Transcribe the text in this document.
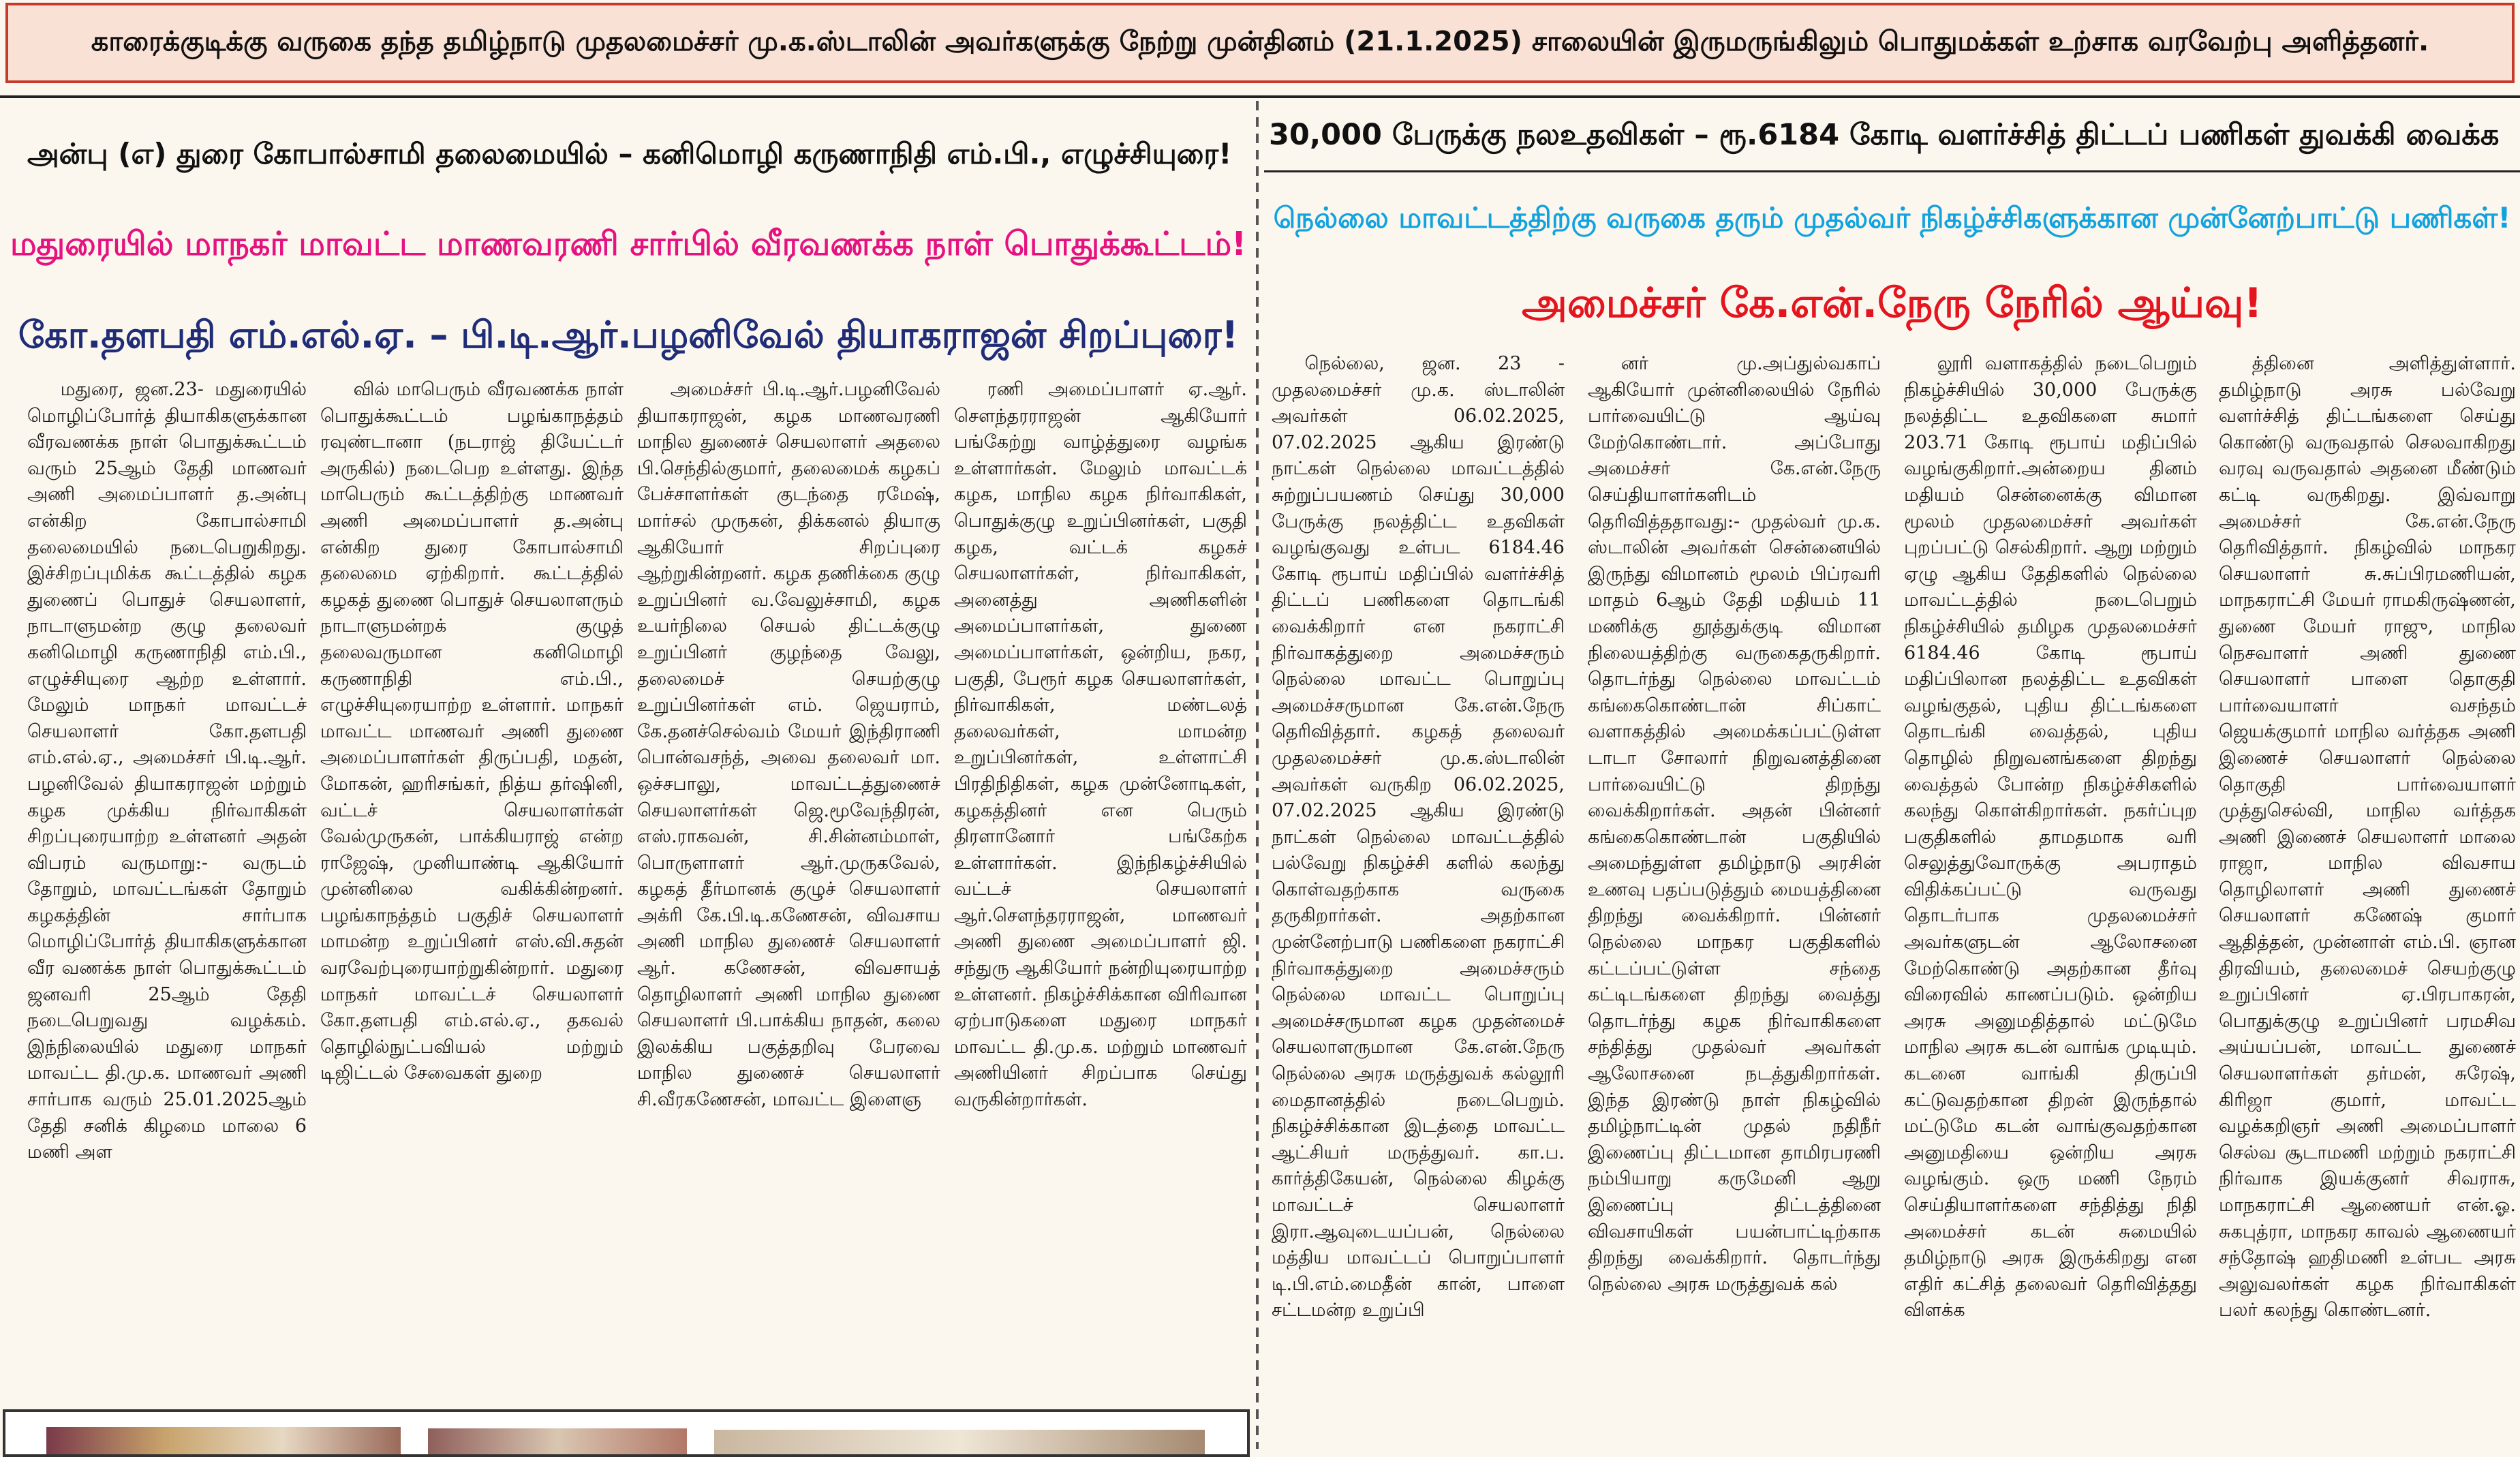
காரைக்குடிக்கு வருகை தந்த தமிழ்நாடு முதலமைச்சர் மு.க.ஸ்டாலின் அவர்களுக்கு நேற்று முன்தினம் (21.1.2025) சாலையின் இருமருங்கிலும் பொதுமக்கள் உற்சாக வரவேற்பு அளித்தனர்.
அன்பு (எ) துரை கோபால்சாமி தலைமையில் – கனிமொழி கருணாநிதி எம்.பி., எழுச்சியுரை!
மதுரையில் மாநகர் மாவட்ட மாணவரணி சார்பில் வீரவணக்க நாள் பொதுக்கூட்டம்!
கோ.தளபதி எம்.எல்.ஏ. – பி.டி.ஆர்.பழனிவேல் தியாகராஜன் சிறப்புரை!

மதுரை, ஜன.23- மதுரையில் மொழிப்போர்த் தியாகிகளுக்கான வீரவணக்க நாள் பொதுக்கூட்டம் வரும் 25ஆம் தேதி மாணவர் அணி அமைப்பாளர் த.அன்பு என்கிற கோபால்சாமி தலைமையில் நடைபெறுகிறது. இச்சிறப்புமிக்க கூட்டத்தில் கழக துணைப் பொதுச் செயலாளர், நாடாளுமன்ற குழு தலைவர் கனிமொழி கருணாநிதி எம்.பி., எழுச்சியுரை ஆற்ற உள்ளார். மேலும் மாநகர் மாவட்டச் செயலாளர் கோ.தளபதி எம்.எல்.ஏ., அமைச்சர் பி.டி.ஆர். பழனிவேல் தியாகராஜன் மற்றும் கழக முக்கிய நிர்வாகிகள் சிறப்புரையாற்ற உள்ளனர் அதன் விபரம் வருமாறு:- வருடம் தோறும், மாவட்டங்கள் தோறும் கழகத்தின் சார்பாக மொழிப்போர்த் தியாகிகளுக்கான வீர வணக்க நாள் பொதுக்கூட்டம் ஜனவரி 25ஆம் தேதி நடைபெறுவது வழக்கம். இந்நிலையில் மதுரை மாநகர் மாவட்ட தி.மு.க. மாணவர் அணி சார்பாக வரும் 25.01.2025ஆம் தேதி சனிக் கிழமை மாலை 6 மணி அள

வில் மாபெரும் வீரவணக்க நாள் பொதுக்கூட்டம் பழங்காநத்தம் ரவுண்டானா (நடராஜ் தியேட்டர் அருகில்) நடைபெற உள்ளது. இந்த மாபெரும் கூட்டத்திற்கு மாணவர் அணி அமைப்பாளர் த.அன்பு என்கிற துரை கோபால்சாமி தலைமை ஏற்கிறார். கூட்டத்தில் கழகத் துணை பொதுச் செயலாளரும் நாடாளுமன்றக் குழுத் தலைவருமான கனிமொழி கருணாநிதி எம்.பி., எழுச்சியுரையாற்ற உள்ளார். மாநகர் மாவட்ட மாணவர் அணி துணை அமைப்பாளர்கள் திருப்பதி, மதன், மோகன், ஹரிசங்கர், நித்ய தர்ஷினி, வட்டச் செயலாளர்கள் வேல்முருகன், பாக்கியராஜ் என்ற ராஜேஷ், முனியாண்டி ஆகியோர் முன்னிலை வகிக்கின்றனர். பழங்காநத்தம் பகுதிச் செயலாளர் மாமன்ற உறுப்பினர் எஸ்.வி.சுதன் வரவேற்புரையாற்றுகின்றார். மதுரை மாநகர் மாவட்டச் செயலாளர் கோ.தளபதி எம்.எல்.ஏ., தகவல் தொழில்நுட்பவியல் மற்றும் டிஜிட்டல் சேவைகள் துறை

அமைச்சர் பி.டி.ஆர்.பழனிவேல் தியாகராஜன், கழக மாணவரணி மாநில துணைச் செயலாளர் அதலை பி.செந்தில்குமார், தலைமைக் கழகப் பேச்சாளர்கள் குடந்தை ரமேஷ், மார்சல் முருகன், திக்கனல் தியாகு ஆகியோர் சிறப்புரை ஆற்றுகின்றனர். கழக தணிக்கை குழு உறுப்பினர் வ.வேலுச்சாமி, கழக உயர்நிலை செயல் திட்டக்குழு உறுப்பினர் குழந்தை வேலு, தலைமைச் செயற்குழு உறுப்பினர்கள் எம். ஜெயராம், கே.தனச்செல்வம் மேயர் இந்திராணி பொன்வசந்த், அவை தலைவர் மா. ஒச்சபாலு, மாவட்டத்துணைச் செயலாளர்கள் ஜெ.மூவேந்திரன், எஸ்.ராகவன், சி.சின்னம்மாள், பொருளாளர் ஆர்.முருகவேல், கழகத் தீர்மானக் குழுச் செயலாளர் அக்ரி கே.பி.டி.கணேசன், விவசாய அணி மாநில துணைச் செயலாளர் ஆர். கணேசன், விவசாயத் தொழிலாளர் அணி மாநில துணை செயலாளர் பி.பாக்கிய நாதன், கலை இலக்கிய பகுத்தறிவு பேரவை மாநில துணைச் செயலாளர் சி.வீரகணேசன், மாவட்ட இளைஞ

ரணி அமைப்பாளர் ஏ.ஆர். சௌந்தரராஜன் ஆகியோர் பங்கேற்று வாழ்த்துரை வழங்க உள்ளார்கள். மேலும் மாவட்டக் கழக, மாநில கழக நிர்வாகிகள், பொதுக்குழு உறுப்பினர்கள், பகுதி கழக, வட்டக் கழகச் செயலாளர்கள், நிர்வாகிகள், அனைத்து அணிகளின் அமைப்பாளர்கள், துணை அமைப்பாளர்கள், ஒன்றிய, நகர, பகுதி, பேரூர் கழக செயலாளர்கள், நிர்வாகிகள், மண்டலத் தலைவர்கள், மாமன்ற உறுப்பினர்கள், உள்ளாட்சி பிரதிநிதிகள், கழக முன்னோடிகள், கழகத்தினர் என பெரும் திரளானோர் பங்கேற்க உள்ளார்கள். இந்நிகழ்ச்சியில் வட்டச் செயலாளர் ஆர்.சௌந்தரராஜன், மாணவர் அணி துணை அமைப்பாளர் ஜி. சந்துரு ஆகியோர் நன்றியுரையாற்ற உள்ளனர். நிகழ்ச்சிக்கான விரிவான ஏற்பாடுகளை மதுரை மாநகர் மாவட்ட தி.மு.க. மற்றும் மாணவர் அணியினர் சிறப்பாக செய்து வருகின்றார்கள்.

30,000 பேருக்கு நலஉதவிகள் – ரூ.6184 கோடி வளர்ச்சித் திட்டப் பணிகள் துவக்கி வைக்க
நெல்லை மாவட்டத்திற்கு வருகை தரும் முதல்வர் நிகழ்ச்சிகளுக்கான முன்னேற்பாட்டு பணிகள்!
அமைச்சர் கே.என்.நேரு நேரில் ஆய்வு!

நெல்லை, ஜன. 23 - முதலமைச்சர் மு.க. ஸ்டாலின் அவர்கள் 06.02.2025, 07.02.2025 ஆகிய இரண்டு நாட்கள் நெல்லை மாவட்டத்தில் சுற்றுப்பயணம் செய்து 30,000 பேருக்கு நலத்திட்ட உதவிகள் வழங்குவது உள்பட 6184.46 கோடி ரூபாய் மதிப்பில் வளர்ச்சித் திட்டப் பணிகளை தொடங்கி வைக்கிறார் என நகராட்சி நிர்வாகத்துறை அமைச்சரும் நெல்லை மாவட்ட பொறுப்பு அமைச்சருமான கே.என்.நேரு தெரிவித்தார். கழகத் தலைவர் முதலமைச்சர் மு.க.ஸ்டாலின் அவர்கள் வருகிற 06.02.2025, 07.02.2025 ஆகிய இரண்டு நாட்கள் நெல்லை மாவட்டத்தில் பல்வேறு நிகழ்ச்சி களில் கலந்து கொள்வதற்காக வருகை தருகிறார்கள். அதற்கான முன்னேற்பாடு பணிகளை நகராட்சி நிர்வாகத்துறை அமைச்சரும் நெல்லை மாவட்ட பொறுப்பு அமைச்சருமான கழக முதன்மைச் செயலாளருமான கே.என்.நேரு நெல்லை அரசு மருத்துவக் கல்லூரி மைதானத்தில் நடைபெறும். நிகழ்ச்சிக்கான இடத்தை மாவட்ட ஆட்சியர் மருத்துவர். கா.ப. கார்த்திகேயன், நெல்லை கிழக்கு மாவட்டச் செயலாளர் இரா.ஆவுடையப்பன், நெல்லை மத்திய மாவட்டப் பொறுப்பாளர் டி.பி.எம்.மைதீன் கான், பாளை சட்டமன்ற உறுப்பி

னர் மு.அப்துல்வகாப் ஆகியோர் முன்னிலையில் நேரில் பார்வையிட்டு ஆய்வு மேற்கொண்டார். அப்போது அமைச்சர் கே.என்.நேரு செய்தியாளர்களிடம் தெரிவித்ததாவது:- முதல்வர் மு.க. ஸ்டாலின் அவர்கள் சென்னையில் இருந்து விமானம் மூலம் பிப்ரவரி மாதம் 6ஆம் தேதி மதியம் 11 மணிக்கு தூத்துக்குடி விமான நிலையத்திற்கு வருகைதருகிறார். தொடர்ந்து நெல்லை மாவட்டம் கங்கைகொண்டான் சிப்காட் வளாகத்தில் அமைக்கப்பட்டுள்ள டாடா சோலார் நிறுவனத்தினை பார்வையிட்டு திறந்து வைக்கிறார்கள். அதன் பின்னர் கங்கைகொண்டான் பகுதியில் அமைந்துள்ள தமிழ்நாடு அரசின் உணவு பதப்படுத்தும் மையத்தினை திறந்து வைக்கிறார். பின்னர் நெல்லை மாநகர பகுதிகளில் கட்டப்பட்டுள்ள சந்தை கட்டிடங்களை திறந்து வைத்து தொடர்ந்து கழக நிர்வாகிகளை சந்தித்து முதல்வர் அவர்கள் ஆலோசனை நடத்துகிறார்கள். இந்த இரண்டு நாள் நிகழ்வில் தமிழ்நாட்டின் முதல் நதிநீர் இணைப்பு திட்டமான தாமிரபரணி நம்பியாறு கருமேனி ஆறு இணைப்பு திட்டத்தினை விவசாயிகள் பயன்பாட்டிற்காக திறந்து வைக்கிறார். தொடர்ந்து நெல்லை அரசு மருத்துவக் கல்

லூரி வளாகத்தில் நடைபெறும் நிகழ்ச்சியில் 30,000 பேருக்கு நலத்திட்ட உதவிகளை சுமார் 203.71 கோடி ரூபாய் மதிப்பில் வழங்குகிறார்.அன்றைய தினம் மதியம் சென்னைக்கு விமான மூலம் முதலமைச்சர் அவர்கள் புறப்பட்டு செல்கிறார். ஆறு மற்றும் ஏழு ஆகிய தேதிகளில் நெல்லை மாவட்டத்தில் நடைபெறும் நிகழ்ச்சியில் தமிழக முதலமைச்சர் 6184.46 கோடி ரூபாய் மதிப்பிலான நலத்திட்ட உதவிகள் வழங்குதல், புதிய திட்டங்களை தொடங்கி வைத்தல், புதிய தொழில் நிறுவனங்களை திறந்து வைத்தல் போன்ற நிகழ்ச்சிகளில் கலந்து கொள்கிறார்கள். நகர்ப்புற பகுதிகளில் தாமதமாக வரி செலுத்துவோருக்கு அபராதம் விதிக்கப்பட்டு வருவது தொடர்பாக முதலமைச்சர் அவர்களுடன் ஆலோசனை மேற்கொண்டு அதற்கான தீர்வு விரைவில் காணப்படும். ஒன்றிய அரசு அனுமதித்தால் மட்டுமே மாநில அரசு கடன் வாங்க முடியும். கடனை வாங்கி திருப்பி கட்டுவதற்கான திறன் இருந்தால் மட்டுமே கடன் வாங்குவதற்கான அனுமதியை ஒன்றிய அரசு வழங்கும். ஒரு மணி நேரம் செய்தியாளர்களை சந்தித்து நிதி அமைச்சர் கடன் சுமையில் தமிழ்நாடு அரசு இருக்கிறது என எதிர் கட்சித் தலைவர் தெரிவித்தது விளக்க

த்தினை அளித்துள்ளார். தமிழ்நாடு அரசு பல்வேறு வளர்ச்சித் திட்டங்களை செய்து கொண்டு வருவதால் செலவாகிறது வரவு வருவதால் அதனை மீண்டும் கட்டி வருகிறது. இவ்வாறு அமைச்சர் கே.என்.நேரு தெரிவித்தார். நிகழ்வில் மாநகர செயலாளர் சு.சுப்பிரமணியன், மாநகராட்சி மேயர் ராமகிருஷ்ணன், துணை மேயர் ராஜு, மாநில நெசவாளர் அணி துணை செயலாளர் பாளை தொகுதி பார்வையாளர் வசந்தம் ஜெயக்குமார் மாநில வர்த்தக அணி இணைச் செயலாளர் நெல்லை தொகுதி பார்வையாளர் முத்துசெல்வி, மாநில வர்த்தக அணி இணைச் செயலாளர் மாலை ராஜா, மாநில விவசாய தொழிலாளர் அணி துணைச் செயலாளர் கணேஷ் குமார் ஆதித்தன், முன்னாள் எம்.பி. ஞான திரவியம், தலைமைச் செயற்குழு உறுப்பினர் ஏ.பிரபாகரன், பொதுக்குழு உறுப்பினர் பரமசிவ அய்யப்பன், மாவட்ட துணைச் செயலாளர்கள் தர்மன், சுரேஷ், கிரிஜா குமார், மாவட்ட வழக்கறிஞர் அணி அமைப்பாளர் செல்வ சூடாமணி மற்றும் நகராட்சி நிர்வாக இயக்குனர் சிவராசு, மாநகராட்சி ஆணையர் என்.ஓ. சுகபுத்ரா, மாநகர காவல் ஆணையர் சந்தோஷ் ஹதிமணி உள்பட அரசு அலுவலர்கள் கழக நிர்வாகிகள் பலர் கலந்து கொண்டனர்.
